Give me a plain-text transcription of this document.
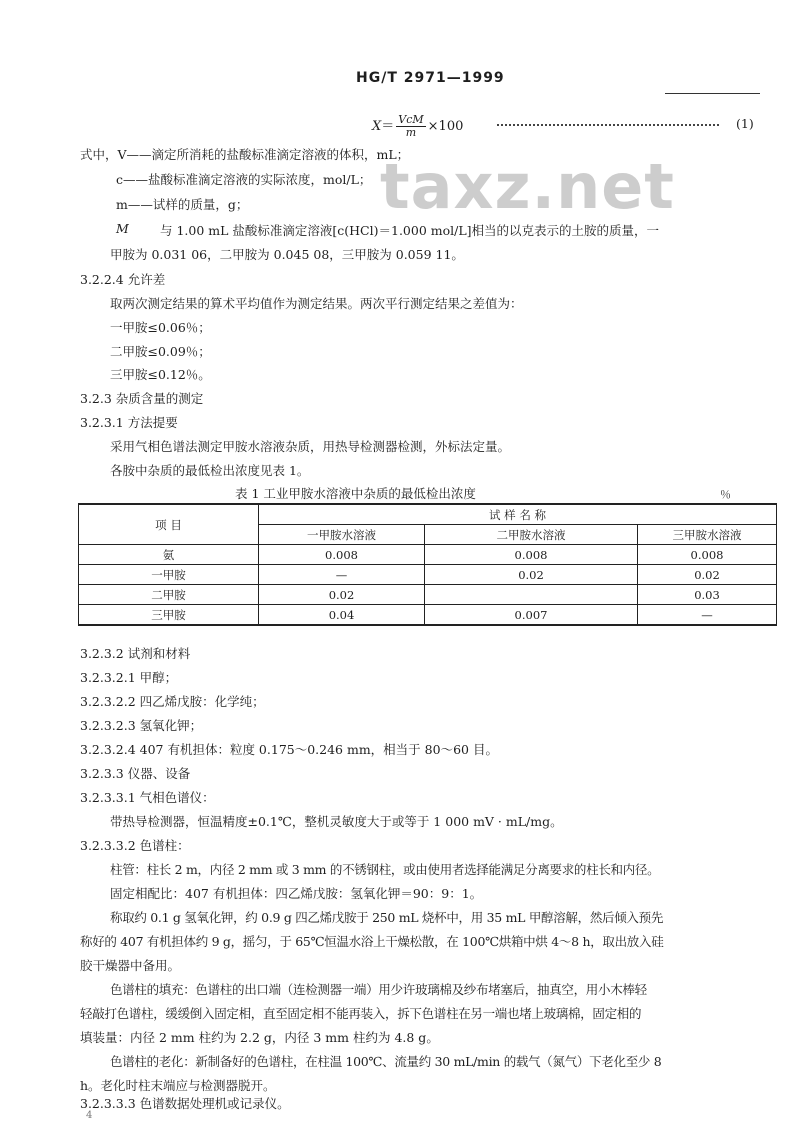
HG/T 2971—1999
taxz.net
$X= \frac{\text{VcM}}{m} \times 100$	(1)
式中，V——滴定所消耗的盐酸标准滴定溶液的体积，mL；
c——盐酸标准滴定溶液的实际浓度，mol/L；
m——试样的质量，g；
M 与 1.00 mL 盐酸标准滴定溶液[c(HCl)＝1.000 mol/L]相当的以克表示的土胺的质量，一
甲胺为 0.031 06，二甲胺为 0.045 08，三甲胺为 0.059 11。
3.2.2.4 允许差
取两次测定结果的算术平均值作为测定结果。两次平行测定结果之差值为：
一甲胺≤0.06％；
二甲胺≤0.09％；
三甲胺≤0.12％。
3.2.3 杂质含量的测定
3.2.3.1 方法提要
采用气相色谱法测定甲胺水溶液杂质，用热导检测器检测，外标法定量。
各胺中杂质的最低检出浓度见表 1。
表 1 工业甲胺水溶液中杂质的最低检出浓度	％
项 目	试 样 名 称		
	一甲胺水溶液	二甲胺水溶液	三甲胺水溶液
氨	0.008	0.008	0.008
一甲胺	—	0.02	0.02
二甲胺	0.02		0.03
三甲胺	0.04	0.007	—
3.2.3.2 试剂和材料
3.2.3.2.1 甲醇；
3.2.3.2.2 四乙烯戊胺：化学纯；
3.2.3.2.3 氢氧化钾；
3.2.3.2.4 407 有机担体：粒度 0.175～0.246 mm，相当于 80～60 目。
3.2.3.3 仪器、设备
3.2.3.3.1 气相色谱仪：
带热导检测器，恒温精度±0.1℃，整机灵敏度大于或等于 1 000 mV · mL/mg。
3.2.3.3.2 色谱柱：
柱管：柱长 2 m，内径 2 mm 或 3 mm 的不锈钢柱，或由使用者选择能满足分离要求的柱长和内径。
固定相配比：407 有机担体：四乙烯戊胺：氢氧化钾＝90：9：1。
称取约 0.1 g 氢氧化钾，约 0.9 g 四乙烯戊胺于 250 mL 烧杯中，用 35 mL 甲醇溶解，然后倾入预先
称好的 407 有机担体约 9 g，摇匀，于 65℃恒温水浴上干燥松散，在 100℃烘箱中烘 4～8 h，取出放入硅
胶干燥器中备用。
色谱柱的填充：色谱柱的出口端（连检测器一端）用少许玻璃棉及纱布堵塞后，抽真空，用小木棒轻
轻敲打色谱柱，缓缓倒入固定相，直至固定相不能再装入，拆下色谱柱在另一端也堵上玻璃棉，固定相的
填装量：内径 2 mm 柱约为 2.2 g，内径 3 mm 柱约为 4.8 g。
色谱柱的老化：新制备好的色谱柱，在柱温 100℃、流量约 30 mL/min 的载气（氮气）下老化至少 8
h。老化时柱末端应与检测器脱开。
3.2.3.3.3 色谱数据处理机或记录仪。
4
